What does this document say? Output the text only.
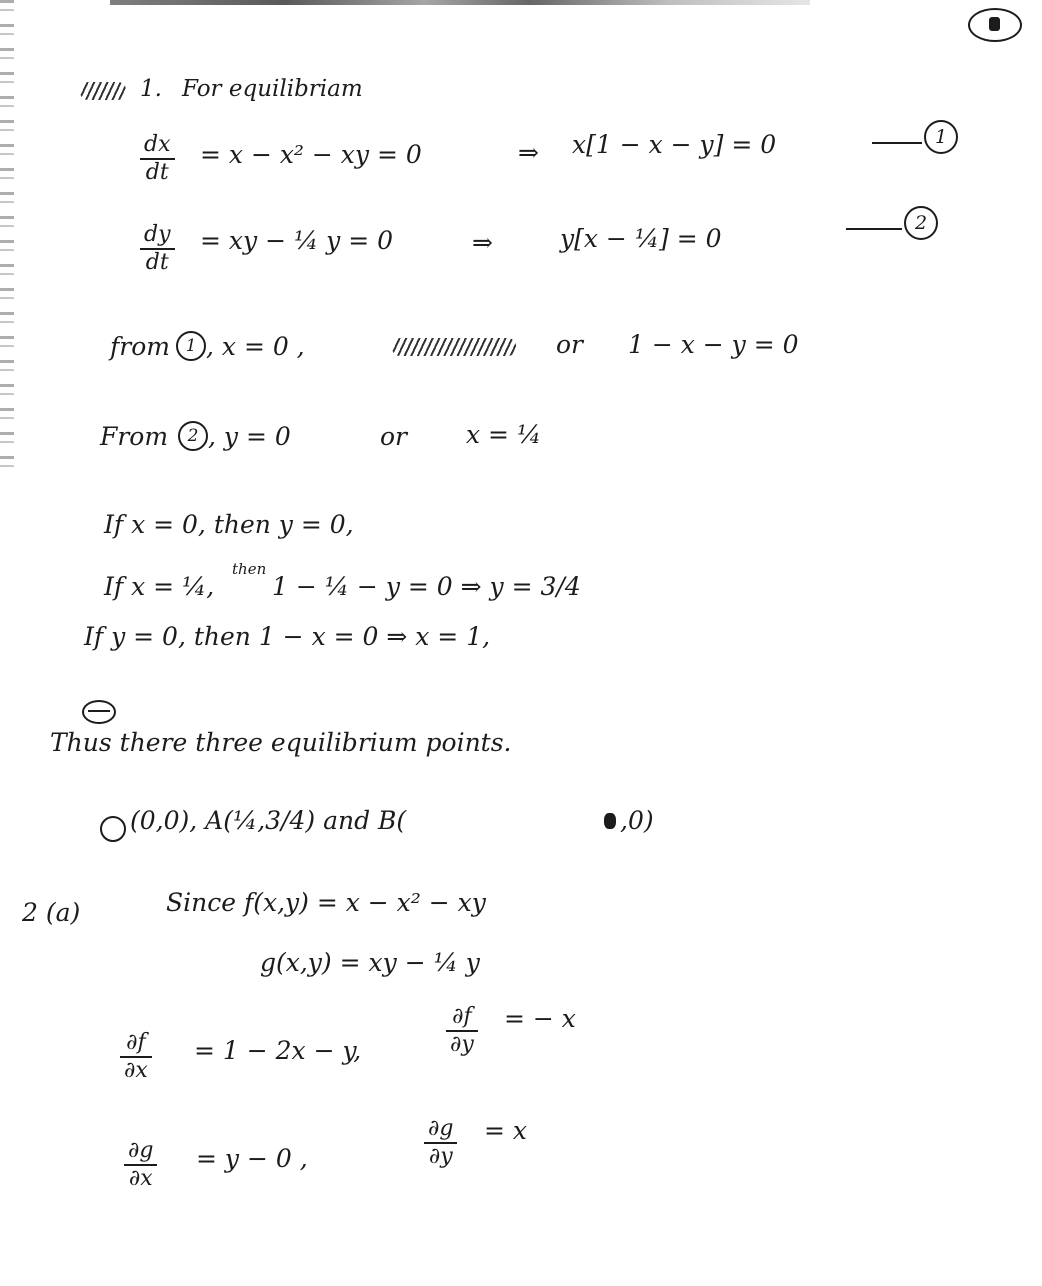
1. For equilibriam
dx
dt
= x − x² − xy = 0	⇒ x[1 − x − y] = 0	1
dy
dt
= xy − ¼ y = 0	⇒	y[x − ¼] = 0
2
from 1 , x = 0 ,	or 1 − x − y = 0
From	2 , y = 0	or x = ¼
If x = 0, then y = 0,
If x = ¼,
then
1 − ¼ − y = 0 ⇒ y = 3/4
If y = 0, then 1 − x = 0 ⇒ x = 1,
Thus there three equilibrium points.
(0,0), A(¼,3/4) and B(	,0)
2 (a)	Since f(x,y) = x − x² − xy
g(x,y) = xy − ¼ y
∂f
∂x
= 1 − 2x − y,
∂f
∂y
= − x
∂g
∂x
= y − 0 ,
∂g
∂y
= x
